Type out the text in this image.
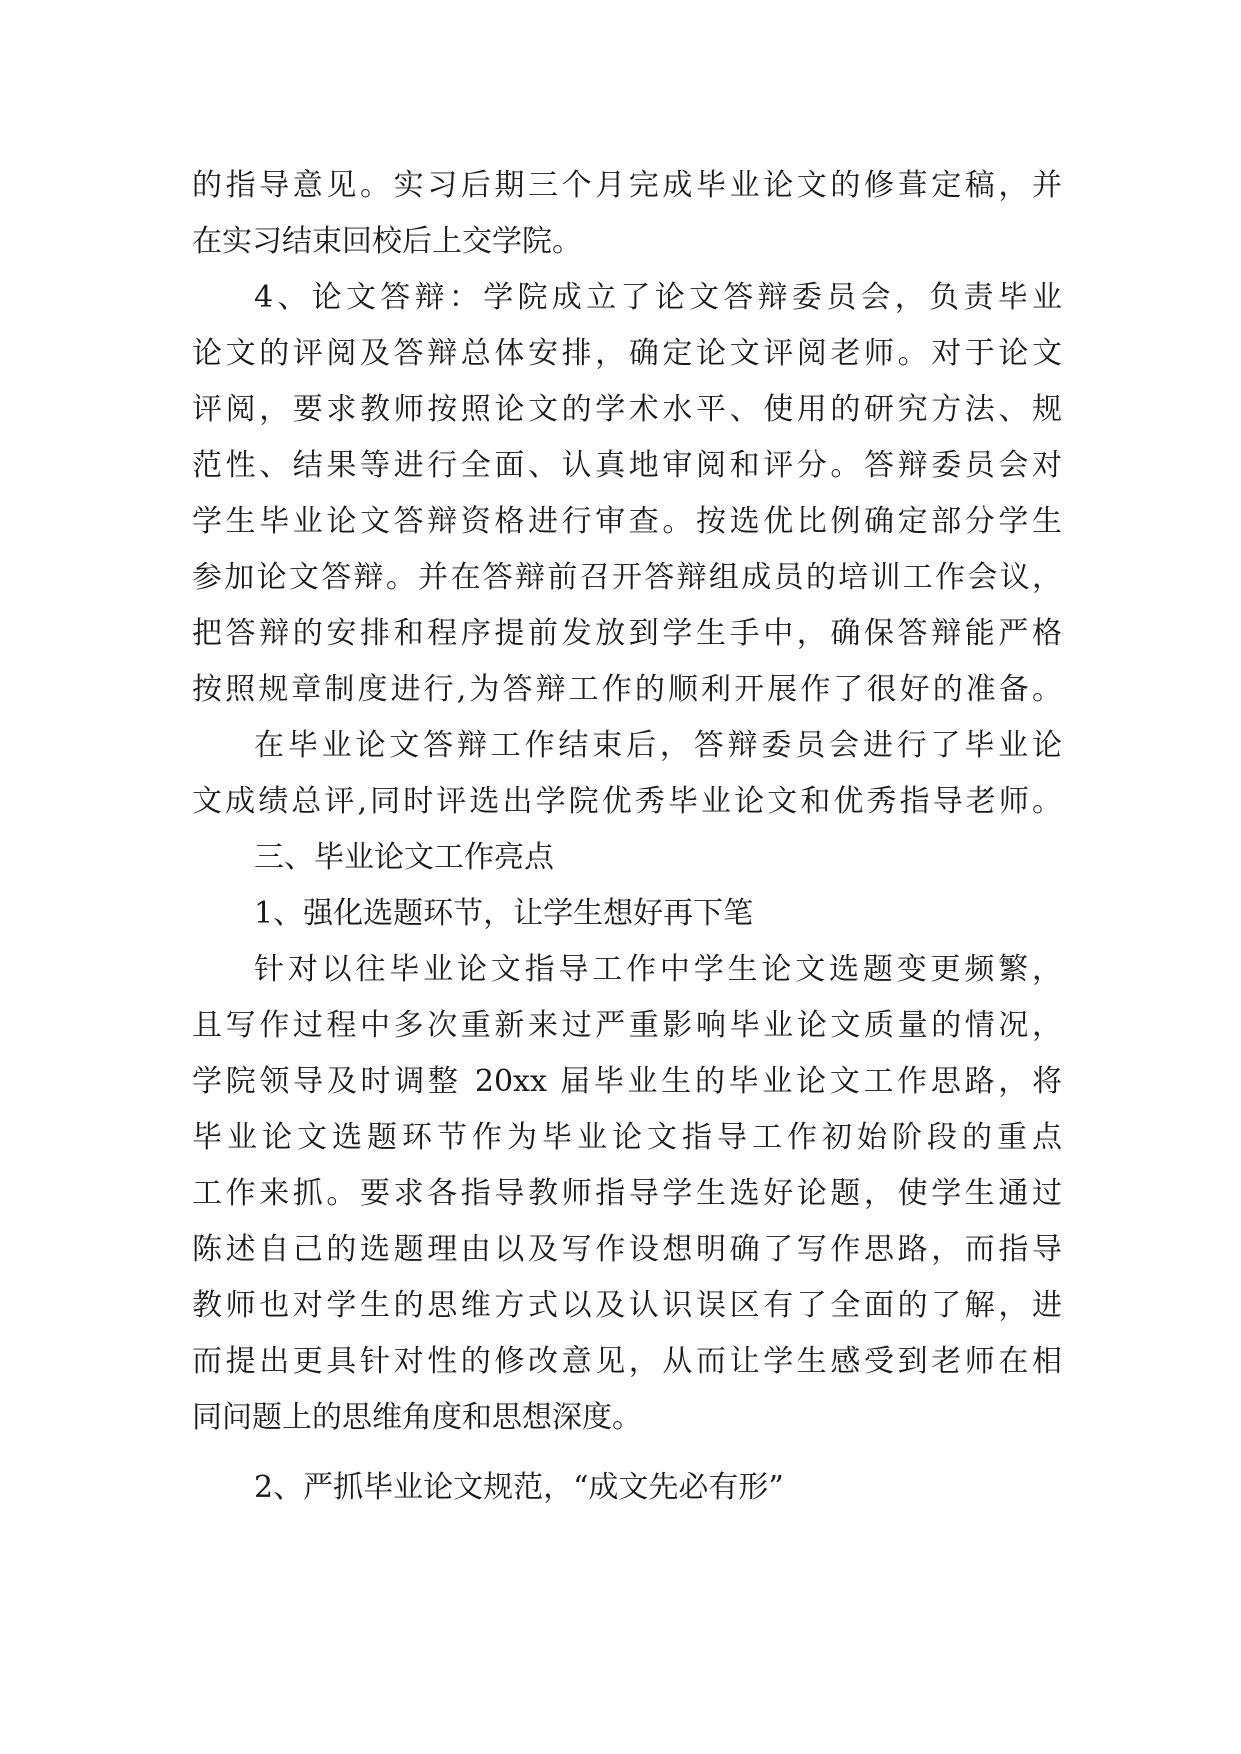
的指导意见。实习后期三个月完成毕业论文的修葺定稿，并
在实习结束回校后上交学院。
4、论文答辩：学院成立了论文答辩委员会，负责毕业
论文的评阅及答辩总体安排，确定论文评阅老师。对于论文
评阅，要求教师按照论文的学术水平、使用的研究方法、规
范性、结果等进行全面、认真地审阅和评分。答辩委员会对
学生毕业论文答辩资格进行审查。按选优比例确定部分学生
参加论文答辩。并在答辩前召开答辩组成员的培训工作会议，
把答辩的安排和程序提前发放到学生手中，确保答辩能严格
按照规章制度进行,为答辩工作的顺利开展作了很好的准备。
在毕业论文答辩工作结束后，答辩委员会进行了毕业论
文成绩总评,同时评选出学院优秀毕业论文和优秀指导老师。
三、毕业论文工作亮点
1、强化选题环节，让学生想好再下笔
针对以往毕业论文指导工作中学生论文选题变更频繁，
且写作过程中多次重新来过严重影响毕业论文质量的情况，
学院领导及时调整 20xx 届毕业生的毕业论文工作思路，将
毕业论文选题环节作为毕业论文指导工作初始阶段的重点
工作来抓。要求各指导教师指导学生选好论题，使学生通过
陈述自己的选题理由以及写作设想明确了写作思路，而指导
教师也对学生的思维方式以及认识误区有了全面的了解，进
而提出更具针对性的修改意见，从而让学生感受到老师在相
同问题上的思维角度和思想深度。
2、严抓毕业论文规范，“成文先必有形”
